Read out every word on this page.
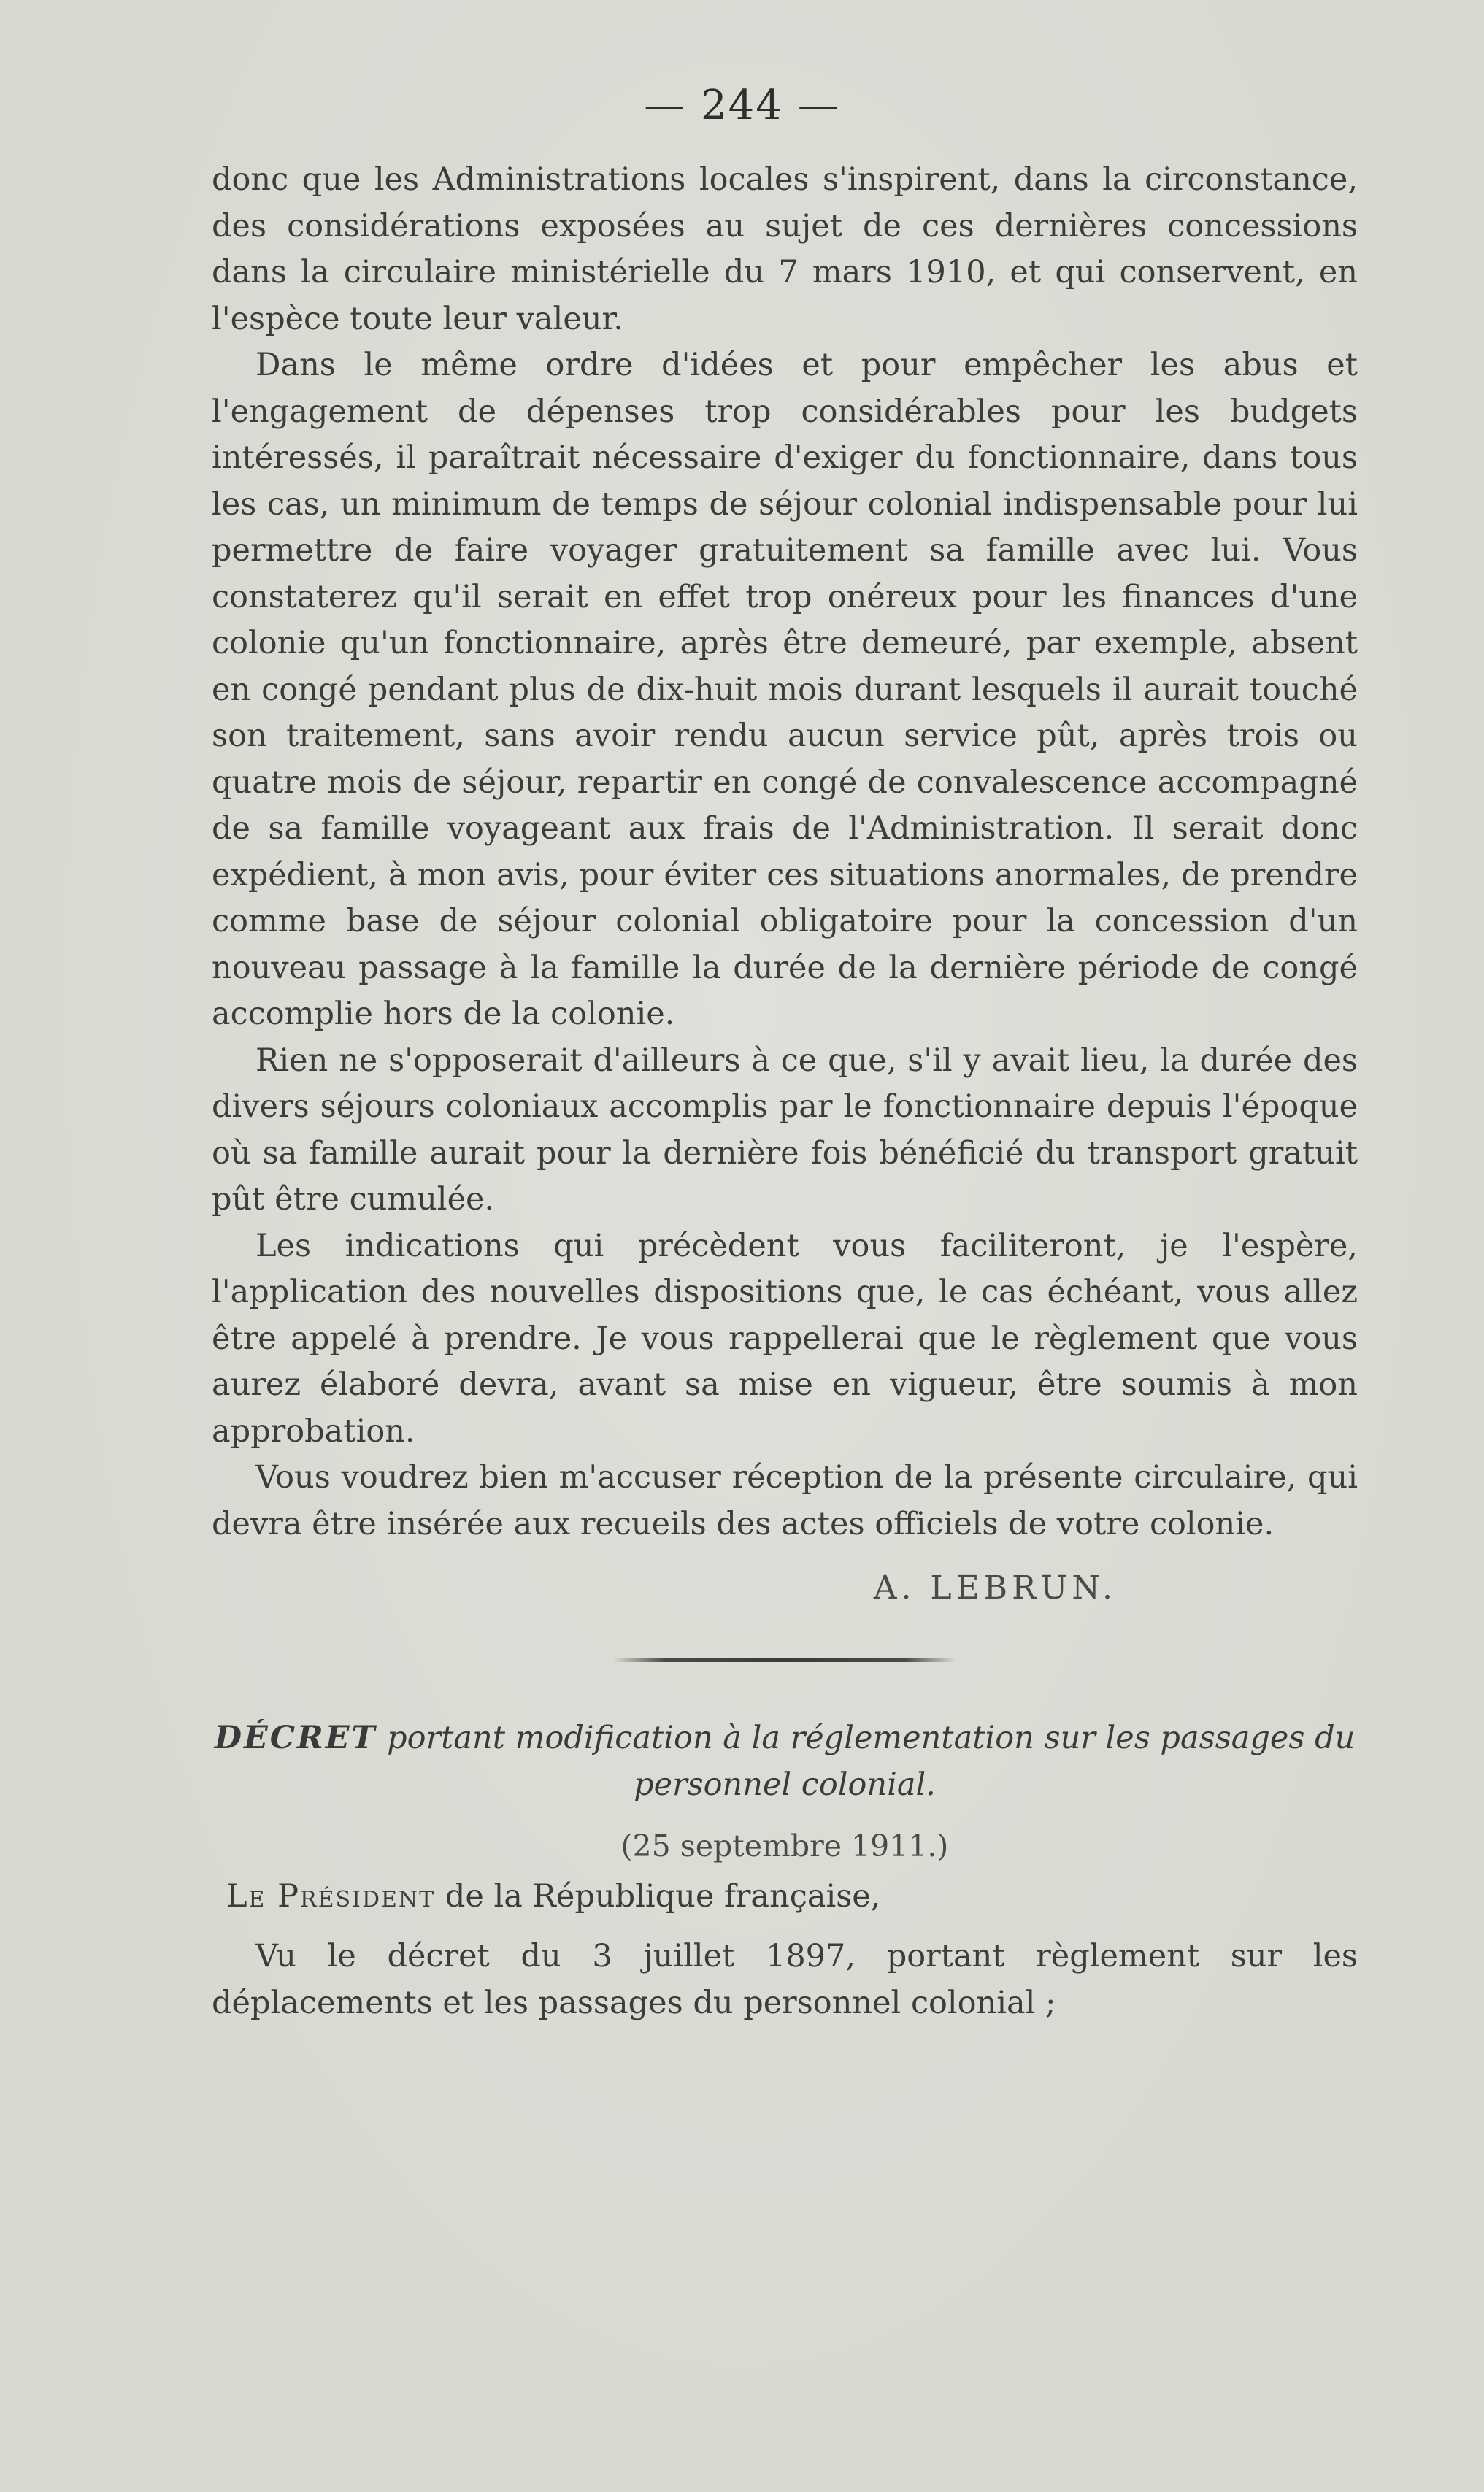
— 244 —

donc que les Administrations locales s'inspirent, dans la circonstance, des considérations exposées au sujet de ces dernières concessions dans la circulaire ministérielle du 7 mars 1910, et qui conservent, en l'espèce toute leur valeur.

Dans le même ordre d'idées et pour empêcher les abus et l'engagement de dépenses trop considérables pour les budgets intéressés, il paraîtrait nécessaire d'exiger du fonctionnaire, dans tous les cas, un minimum de temps de séjour colonial indispensable pour lui permettre de faire voyager gratuitement sa famille avec lui. Vous constaterez qu'il serait en effet trop onéreux pour les finances d'une colonie qu'un fonctionnaire, après être demeuré, par exemple, absent en congé pendant plus de dix-huit mois durant lesquels il aurait touché son traitement, sans avoir rendu aucun service pût, après trois ou quatre mois de séjour, repartir en congé de convalescence accompagné de sa famille voyageant aux frais de l'Administration. Il serait donc expédient, à mon avis, pour éviter ces situations anormales, de prendre comme base de séjour colonial obligatoire pour la concession d'un nouveau passage à la famille la durée de la dernière période de congé accomplie hors de la colonie.

Rien ne s'opposerait d'ailleurs à ce que, s'il y avait lieu, la durée des divers séjours coloniaux accomplis par le fonctionnaire depuis l'époque où sa famille aurait pour la dernière fois bénéficié du transport gratuit pût être cumulée.

Les indications qui précèdent vous faciliteront, je l'espère, l'application des nouvelles dispositions que, le cas échéant, vous allez être appelé à prendre. Je vous rappellerai que le règlement que vous aurez élaboré devra, avant sa mise en vigueur, être soumis à mon approbation.

Vous voudrez bien m'accuser réception de la présente circulaire, qui devra être insérée aux recueils des actes officiels de votre colonie.

A. LEBRUN.
DÉCRET portant modification à la réglementation sur les passages du personnel colonial.
(25 septembre 1911.)
Le Président de la République française,

Vu le décret du 3 juillet 1897, portant règlement sur les déplacements et les passages du personnel colonial ;
